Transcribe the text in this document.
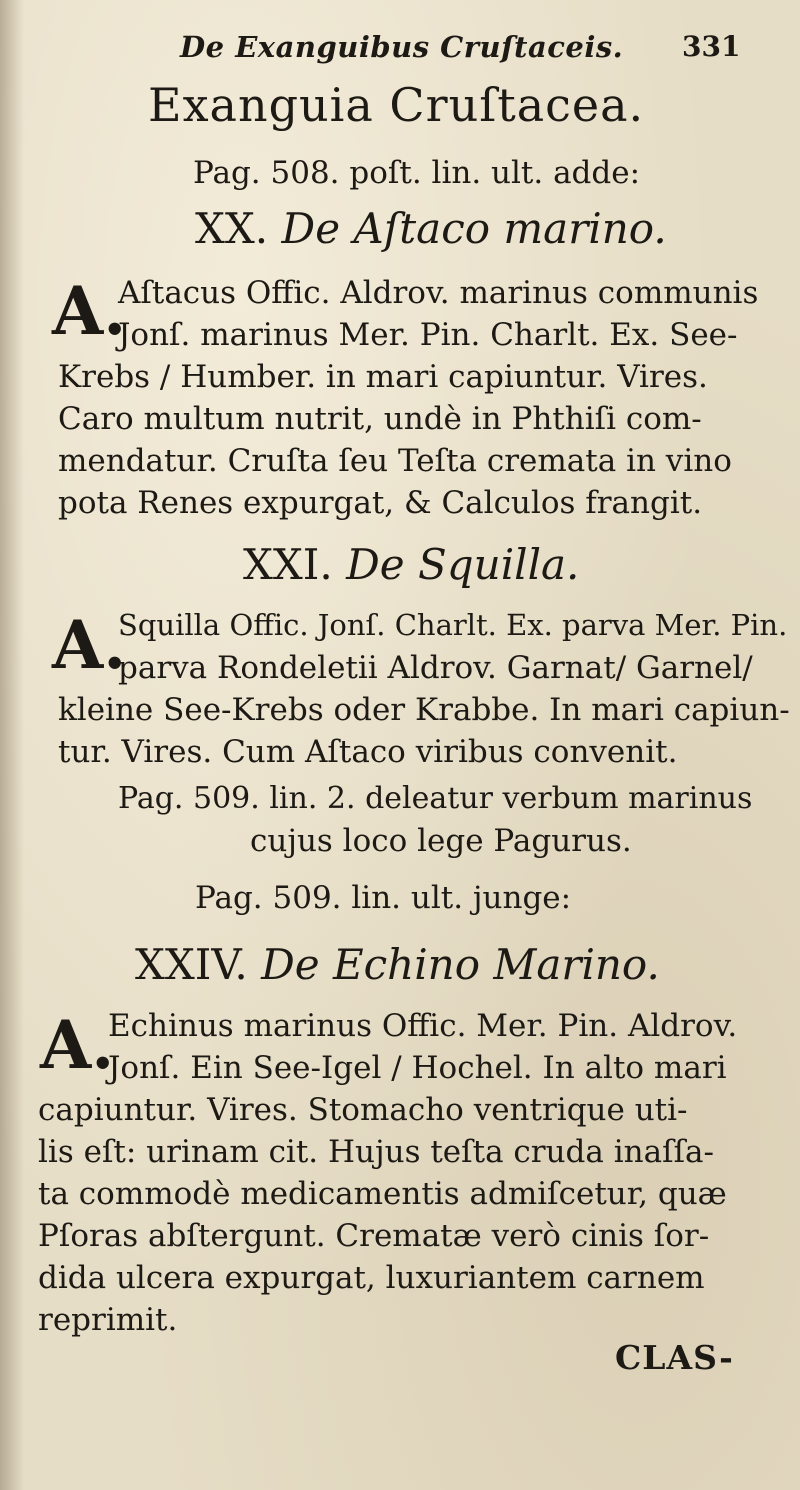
De Exanguibus Cruſtaceis. 331
Exanguia Cruſtacea.
Pag. 508. poſt. lin. ult. adde:
XX. De Aſtaco marino.
A.
Aſtacus Offic. Aldrov. marinus communis
Jonſ. marinus Mer. Pin. Charlt. Ex. See-
Krebs / Humber. in mari capiuntur. Vires.
Caro multum nutrit, undè in Phthiſi com-
mendatur. Cruſta ſeu Teſta cremata in vino
pota Renes expurgat, & Calculos frangit.
XXI. De Squilla.
A.
Squilla Offic. Jonſ. Charlt. Ex. parva Mer. Pin.
parva Rondeletii Aldrov. Garnat/ Garnel/
kleine See-Krebs oder Krabbe. In mari capiun-
tur. Vires. Cum Aſtaco viribus convenit.
Pag. 509. lin. 2. deleatur verbum marinus
cujus loco lege Pagurus.
Pag. 509. lin. ult. junge:
XXIV. De Echino Marino.
A.
Echinus marinus Offic. Mer. Pin. Aldrov.
Jonſ. Ein See-Igel / Hochel. In alto mari
capiuntur. Vires. Stomacho ventrique uti-
lis eſt: urinam cit. Hujus teſta cruda inaſſa-
ta commodè medicamentis admiſcetur, quæ
Pſoras abſtergunt. Crematæ verò cinis ſor-
dida ulcera expurgat, luxuriantem carnem
reprimit.
CLAS-
